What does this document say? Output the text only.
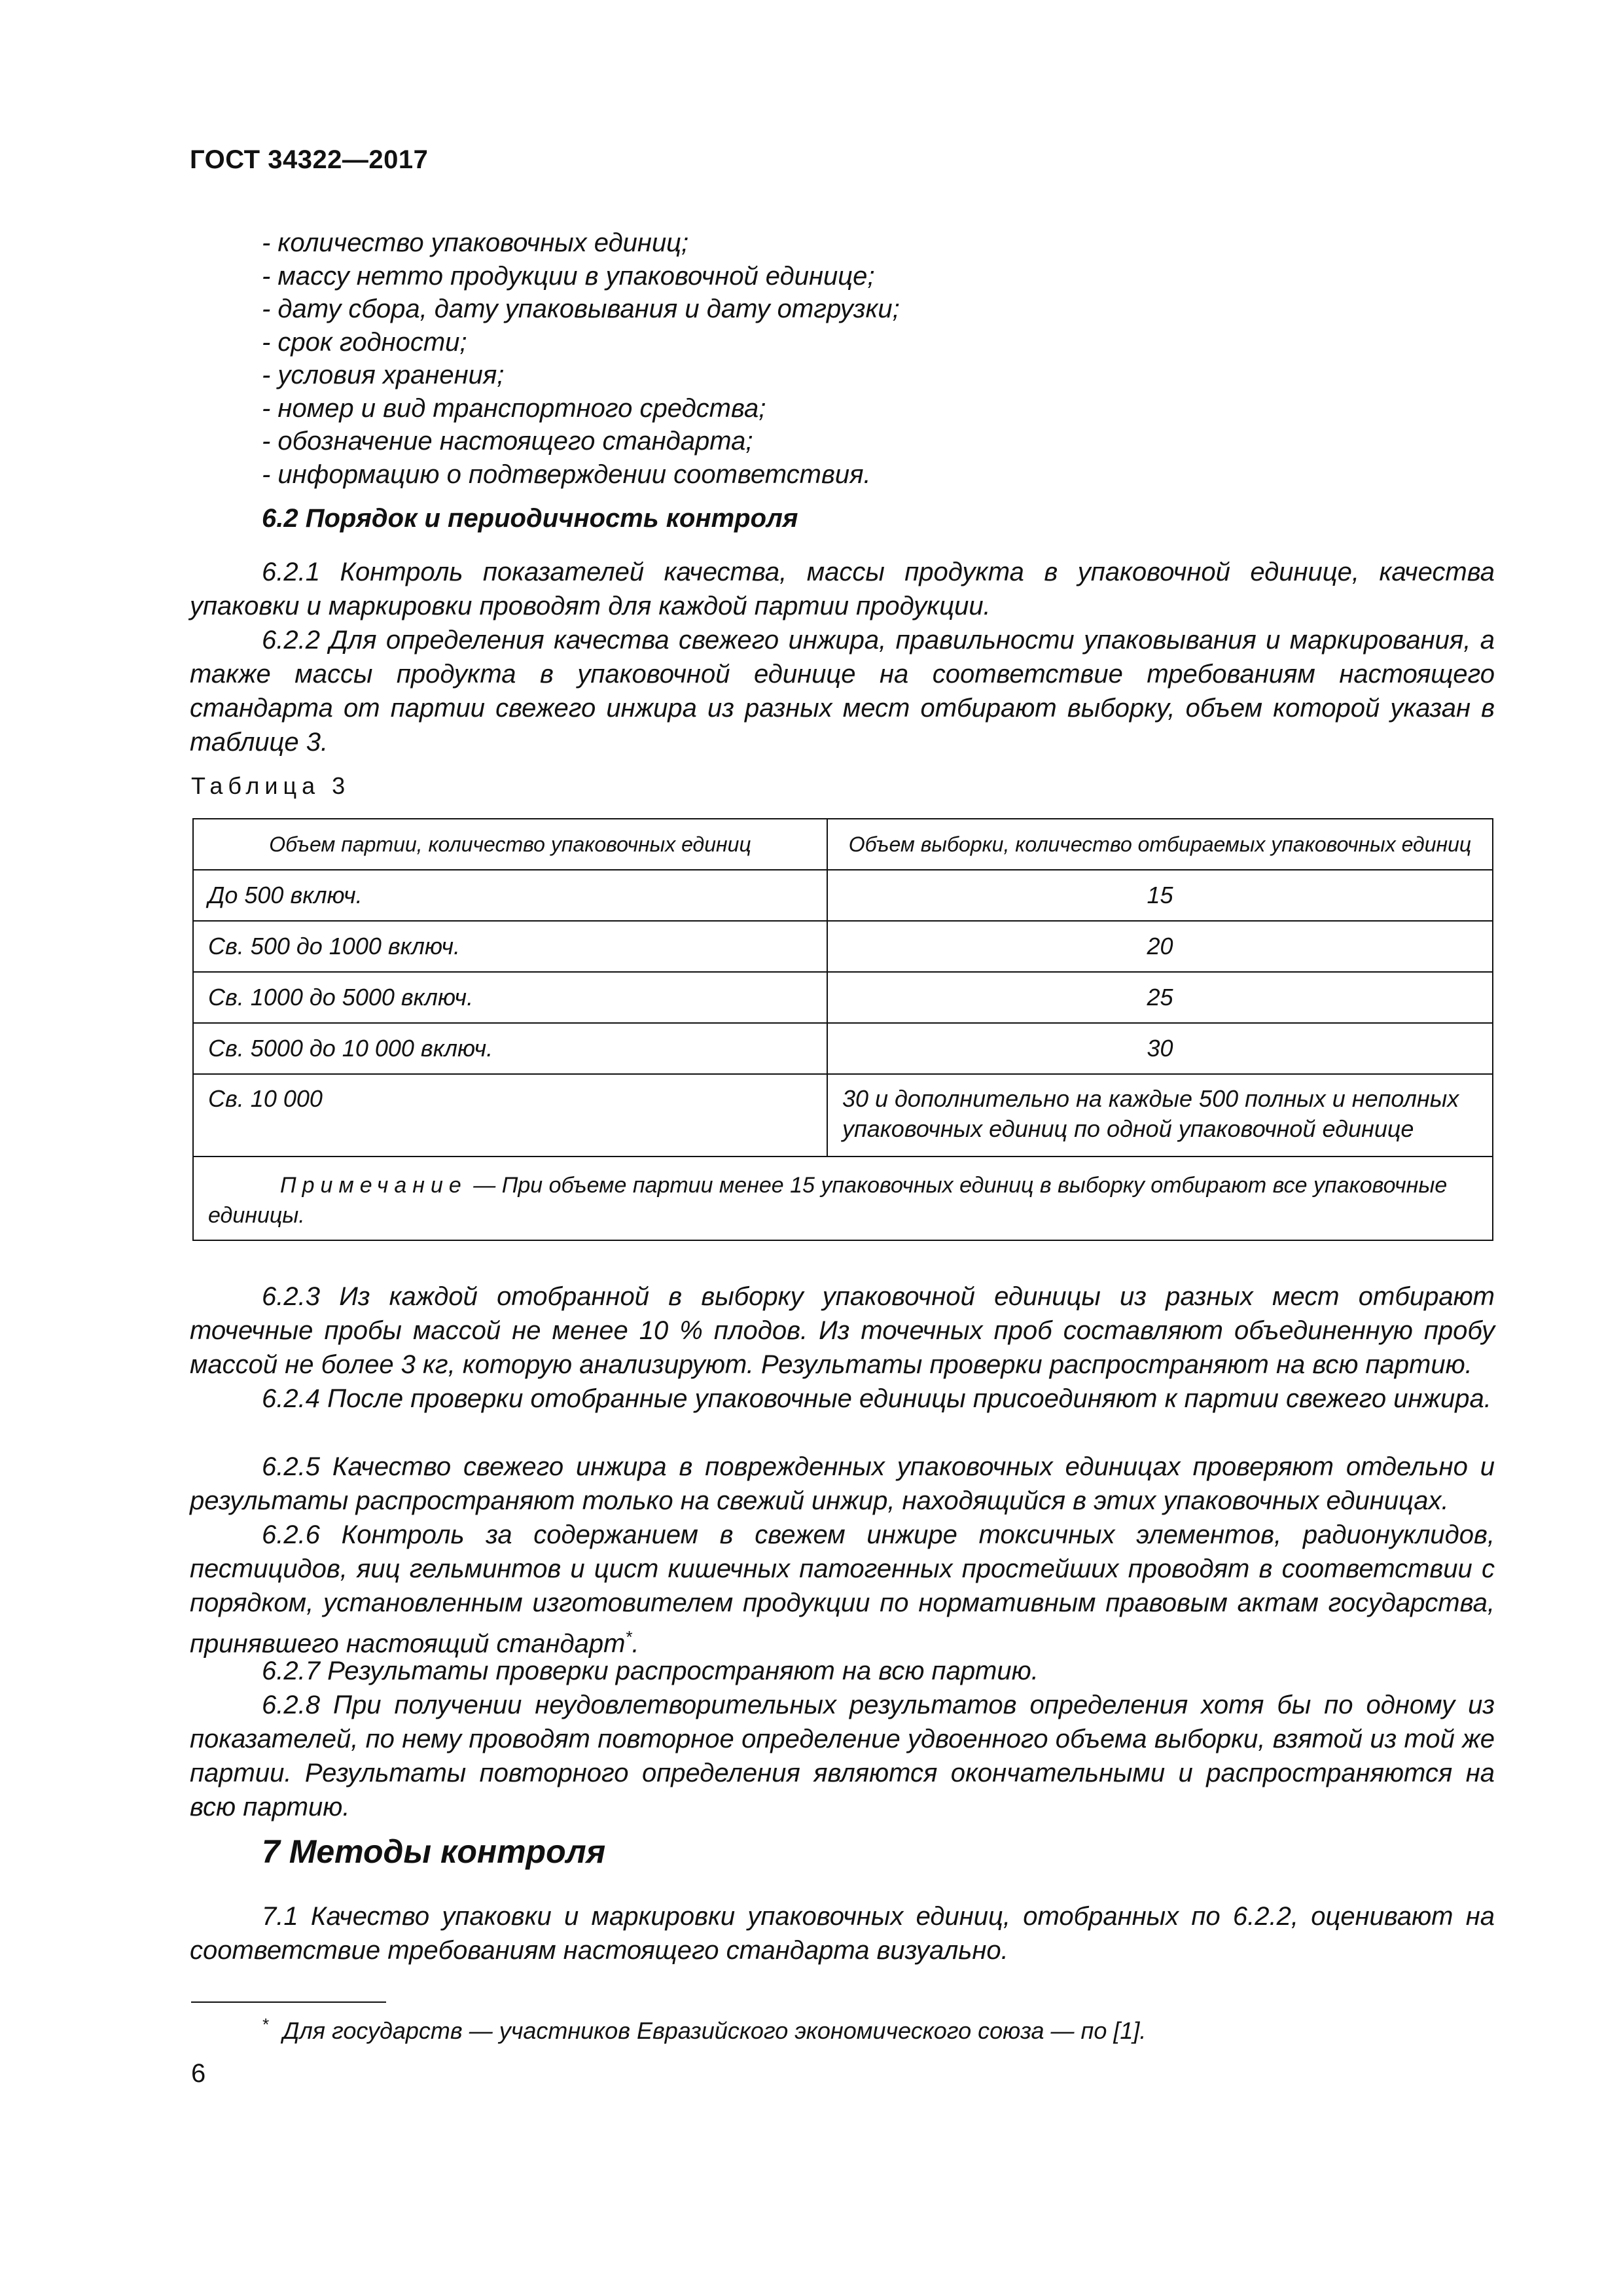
ГОСТ 34322—2017
- количество упаковочных единиц;
- массу нетто продукции в упаковочной единице;
- дату сбора, дату упаковывания и дату отгрузки;
- срок годности;
- условия хранения;
- номер и вид транспортного средства;
- обозначение настоящего стандарта;
- информацию о подтверждении соответствия.
6.2 Порядок и периодичность контроля

6.2.1 Контроль показателей качества, массы продукта в упаковочной единице, качества упаковки и маркировки проводят для каждой партии продукции.

6.2.2 Для определения качества свежего инжира, правильности упаковывания и маркирования, а также массы продукта в упаковочной единице на соответствие требованиям настоящего стандарта от партии свежего инжира из разных мест отбирают выборку, объем которой указан в таблице 3.

Таблица 3
Объем партии, количество упаковочных единиц	Объем выборки, количество отбираемых упаковочных единиц
До 500 включ.	15
Св. 500 до 1000 включ.	20
Св. 1000 до 5000 включ.	25
Св. 5000 до 10 000 включ.	30
Св. 10 000	30 и дополнительно на каждые 500 полных и неполных упаковочных единиц по одной упаковочной единице
Примечание — При объеме партии менее 15 упаковочных единиц в выборку отбирают все упаковочные единицы.	

6.2.3 Из каждой отобранной в выборку упаковочной единицы из разных мест отбирают точечные пробы массой не менее 10 % плодов. Из точечных проб составляют объединенную пробу массой не более 3 кг, которую анализируют. Результаты проверки распространяют на всю партию.

6.2.4 После проверки отобранные упаковочные единицы присоединяют к партии свежего инжира.

6.2.5 Качество свежего инжира в поврежденных упаковочных единицах проверяют отдельно и результаты распространяют только на свежий инжир, находящийся в этих упаковочных единицах.

6.2.6 Контроль за содержанием в свежем инжире токсичных элементов, радионуклидов, пестицидов, яиц гельминтов и цист кишечных патогенных простейших проводят в соответствии с порядком, установленным изготовителем продукции по нормативным правовым актам государства, принявшего настоящий стандарт*.

6.2.7 Результаты проверки распространяют на всю партию.

6.2.8 При получении неудовлетворительных результатов определения хотя бы по одному из показателей, по нему проводят повторное определение удвоенного объема выборки, взятой из той же партии. Результаты повторного определения являются окончательными и распространяются на всю партию.

7 Методы контроля

7.1 Качество упаковки и маркировки упаковочных единиц, отобранных по 6.2.2, оценивают на соответствие требованиям настоящего стандарта визуально.

* Для государств — участников Евразийского экономического союза — по [1].
6
